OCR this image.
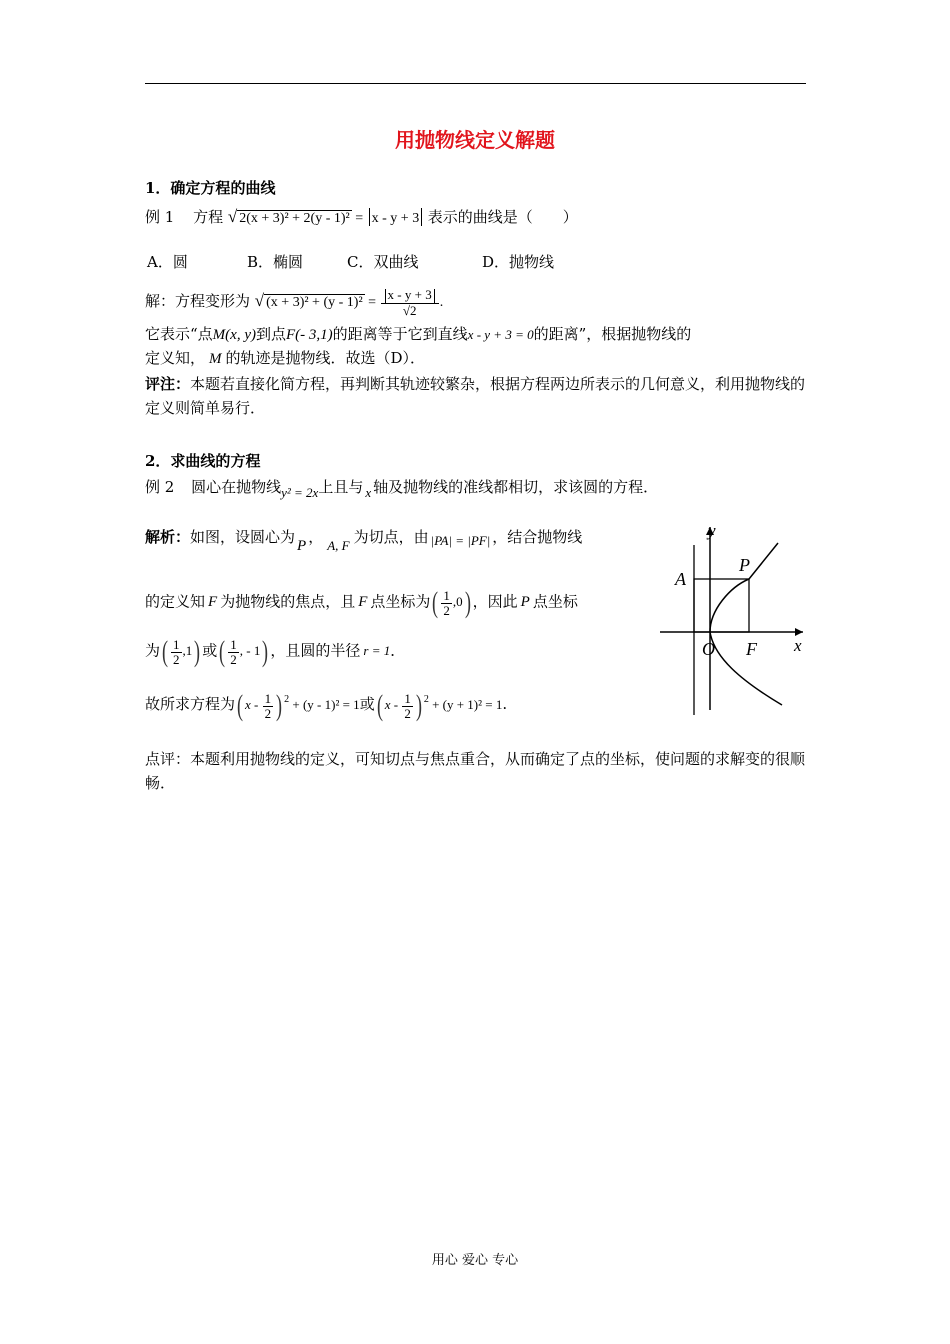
用抛物线定义解题
1．确定方程的曲线
例 1 方程 √ 2(x + 3)² + 2(y - 1)² = x - y + 3 表示的曲线是（　　）
A．圆	B．椭圆	C．双曲线	D．抛物线
解：方程变形为 √ $(x + 3)^2 + (y - 1)^2 = \frac{x - y + 3}{√2}$ .
它表示“点M(x, y)到点F(- 3,1)的距离等于它到直线x - y + 3 = 0的距离”，根据抛物线的
定义知， M 的轨迹是抛物线．故选（D）．
评注：本题若直接化简方程，再判断其轨迹较繁杂，根据方程两边所表示的几何意义，利用抛物线的定义则简单易行．
2．求曲线的方程
例 2 圆心在抛物线y² = 2x上且与 x 轴及抛物线的准线都相切，求该圆的方程．
解析：如图，设圆心为 P ， A, F 为切点，由 |PA| = |PF| ，结合抛物线
的定义知 F 为抛物线的焦点，且 F 点坐标为( $\frac{1}{2} ,0$) ，因此 P 点坐标
为( $\frac{1}{2} ,1$) 或( $\frac{1}{2}$ , - 1) ，且圆的半径 r = 1．
故所求方程为( x - $\frac{1}{2}$ ) $^2$ + (y - 1)² = 1或( x - $\frac{1}{2}$ ) $^2$ + (y + 1)² = 1.
点评：本题利用抛物线的定义，可知切点与焦点重合，从而确定了点的坐标，使问题的求解变的很顺畅．
y
x
P
A
O F
用心 爱心 专心
